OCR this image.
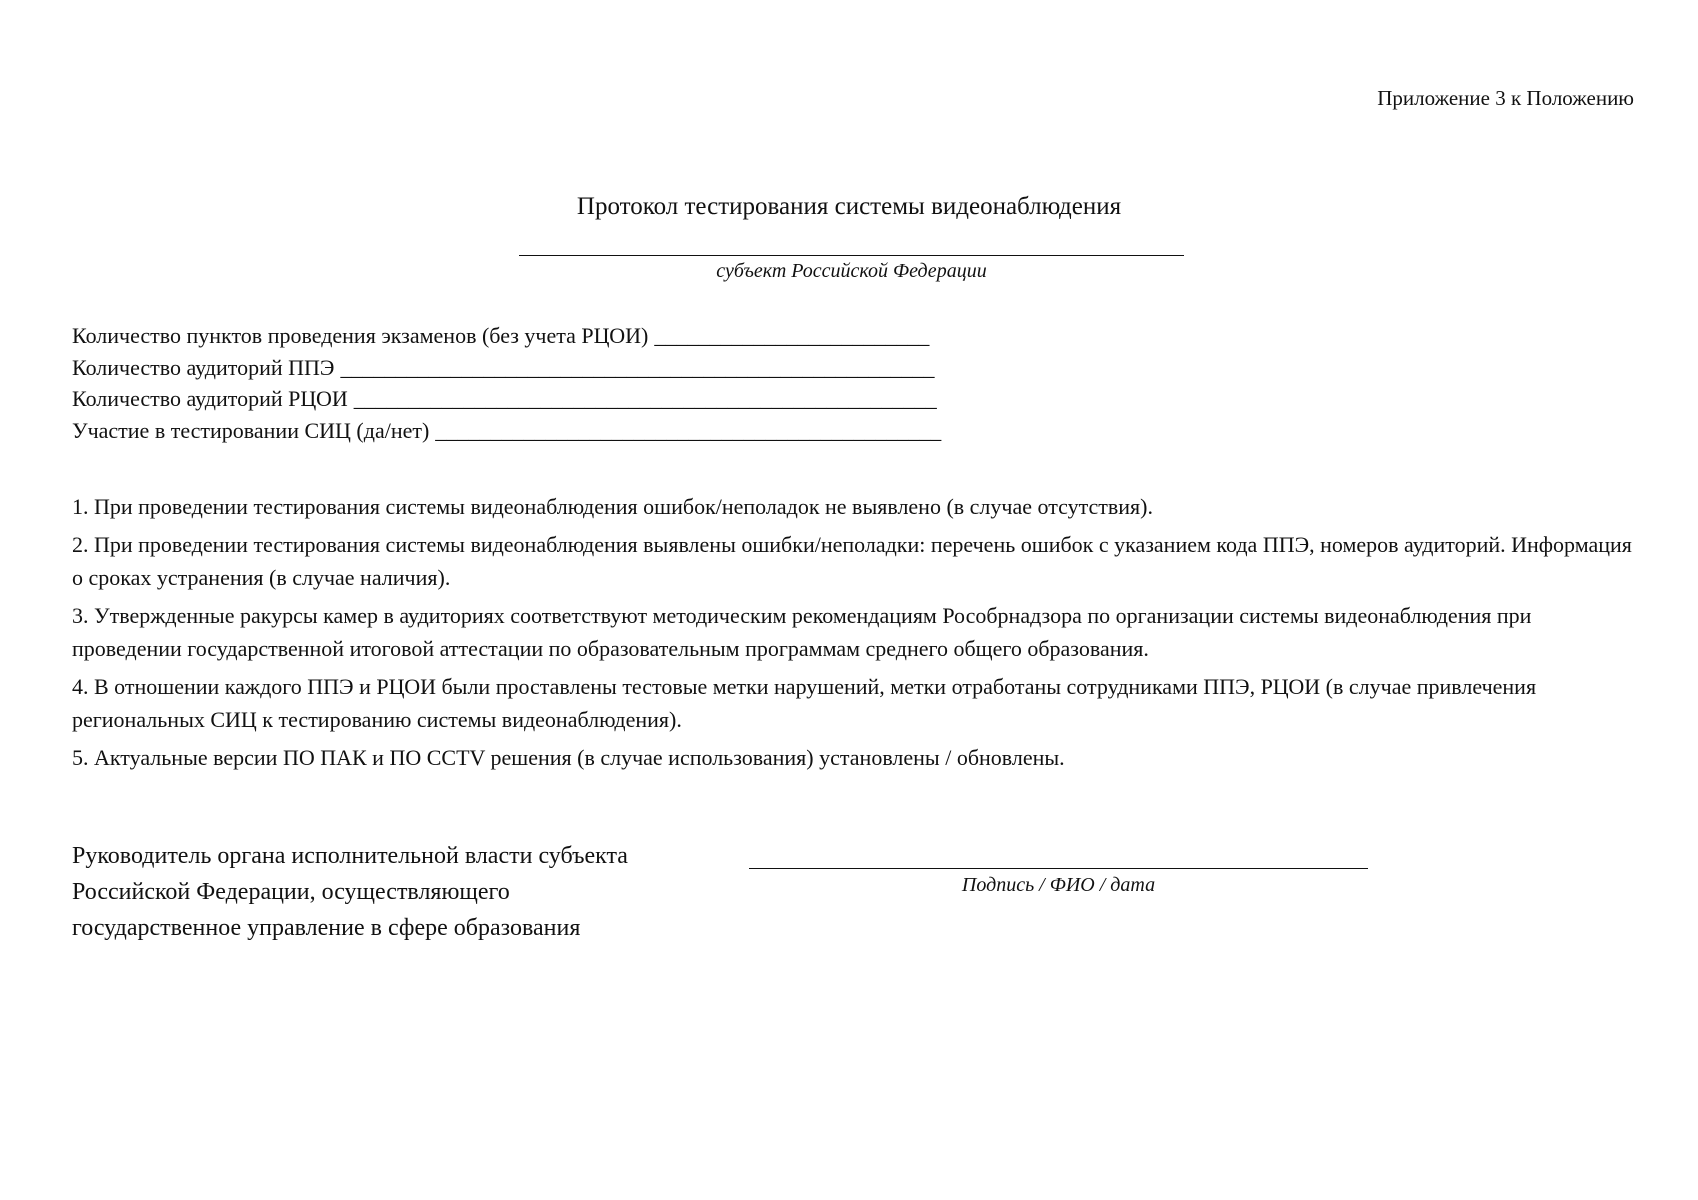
Приложение 3 к Положению
Протокол тестирования системы видеонаблюдения
субъект Российской Федерации
Количество пунктов проведения экзаменов (без учета РЦОИ) _________________________
Количество аудиторий ППЭ ______________________________________________________
Количество аудиторий РЦОИ _____________________________________________________
Участие в тестировании СИЦ (да/нет) ______________________________________________
1. При проведении тестирования системы видеонаблюдения ошибок/неполадок не выявлено (в случае отсутствия).
2. При проведении тестирования системы видеонаблюдения выявлены ошибки/неполадки: перечень ошибок с указанием кода ППЭ, номеров аудиторий. Информация о сроках устранения (в случае наличия).
3. Утвержденные ракурсы камер в аудиториях соответствуют методическим рекомендациям Рособрнадзора по организации системы видеонаблюдения при проведении государственной итоговой аттестации по образовательным программам среднего общего образования.
4. В отношении каждого ППЭ и РЦОИ были проставлены тестовые метки нарушений, метки отработаны сотрудниками ППЭ, РЦОИ (в случае привлечения региональных СИЦ к тестированию системы видеонаблюдения).
5. Актуальные версии ПО ПАК и ПО CCTV решения (в случае использования) установлены / обновлены.
Руководитель органа исполнительной власти субъекта
Российской Федерации, осуществляющего
государственное управление в сфере образования
Подпись / ФИО / дата
